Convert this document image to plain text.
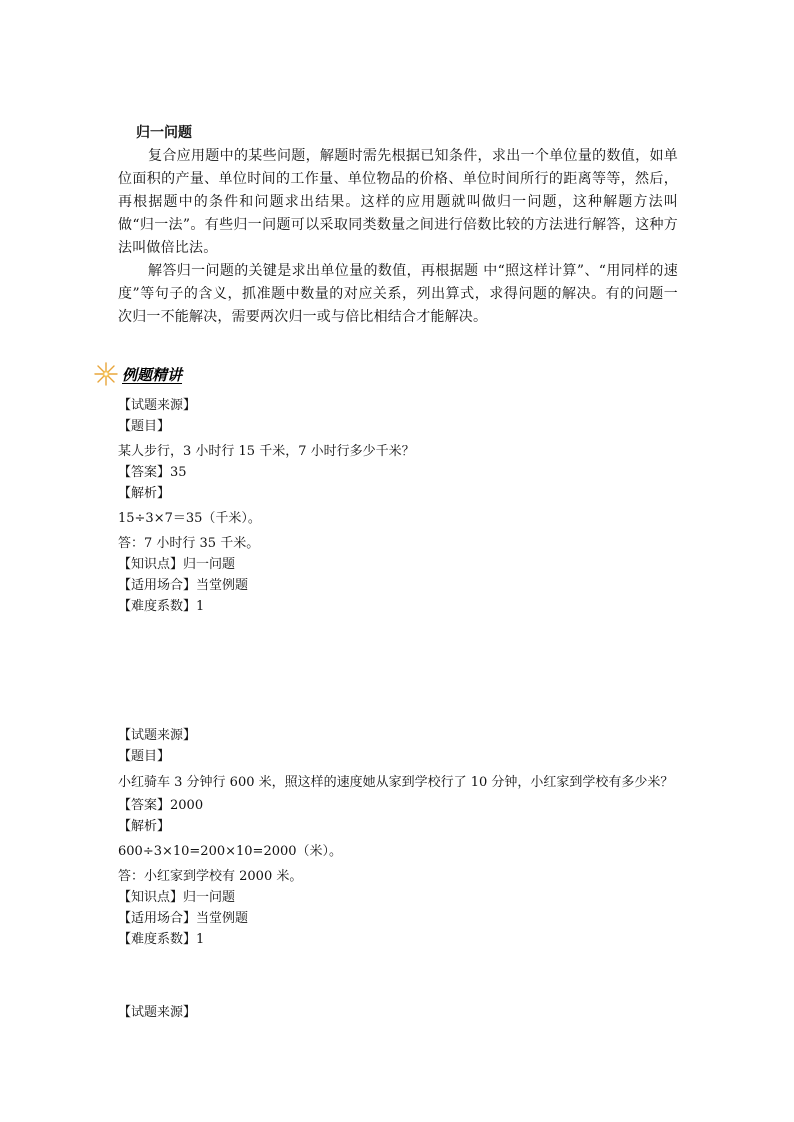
归一问题

复合应用题中的某些问题，解题时需先根据已知条件，求出一个单位量的数值，如单位面积的产量、单位时间的工作量、单位物品的价格、单位时间所行的距离等等，然后，再根据题中的条件和问题求出结果。这样的应用题就叫做归一问题，这种解题方法叫做“归一法”。有些归一问题可以采取同类数量之间进行倍数比较的方法进行解答，这种方法叫做倍比法。

解答归一问题的关键是求出单位量的数值，再根据题 中“照这样计算”、“用同样的速度”等句子的含义，抓准题中数量的对应关系，列出算式，求得问题的解决。有的问题一次归一不能解决，需要两次归一或与倍比相结合才能解决。

例题精讲
【试题来源】
【题目】
某人步行，3 小时行 15 千米，7 小时行多少千米？
【答案】35
【解析】
15÷3×7＝35（千米）。
答：7 小时行 35 千米。
【知识点】归一问题
【适用场合】当堂例题
【难度系数】1
【试题来源】
【题目】
小红骑车 3 分钟行 600 米，照这样的速度她从家到学校行了 10 分钟，小红家到学校有多少米？
【答案】2000
【解析】
600÷3×10=200×10=2000（米）。
答：小红家到学校有 2000 米。
【知识点】归一问题
【适用场合】当堂例题
【难度系数】1
【试题来源】
